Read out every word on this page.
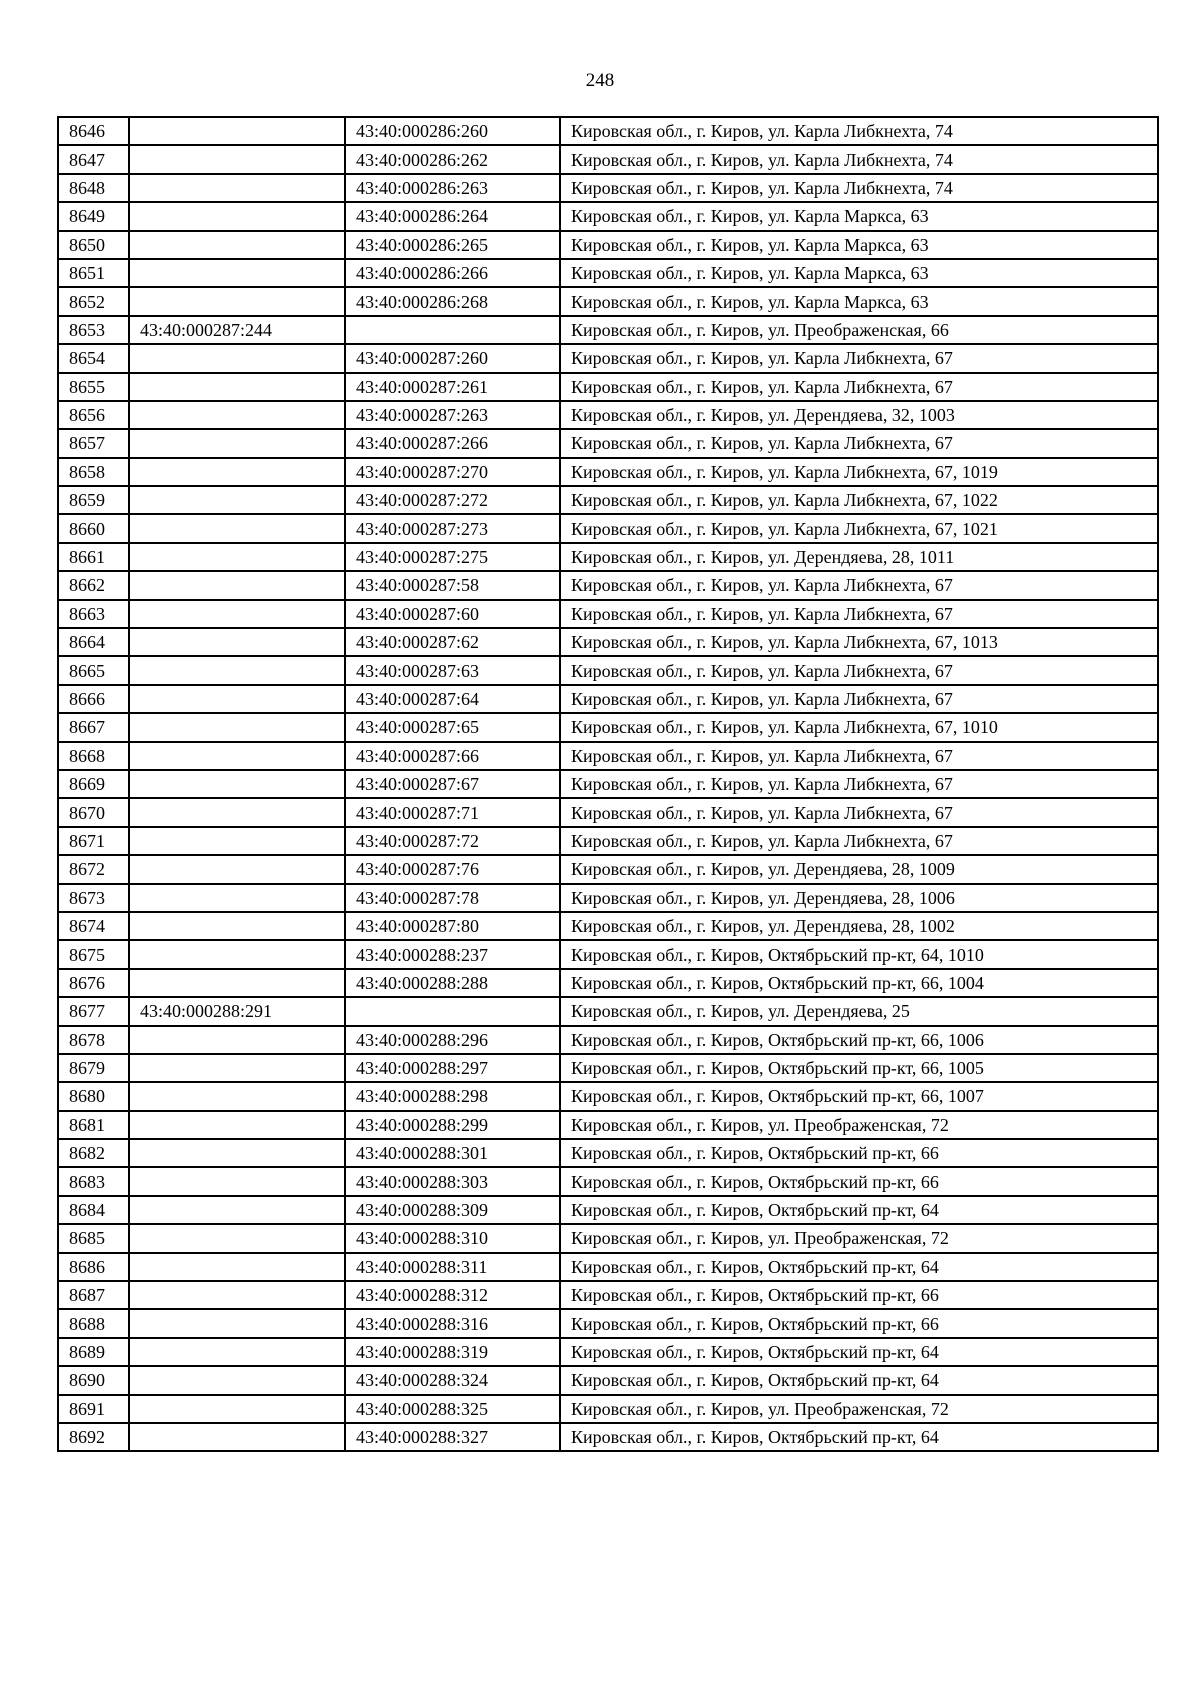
248
8646		43:40:000286:260	Кировская обл., г. Киров, ул. Карла Либкнехта, 74
8647		43:40:000286:262	Кировская обл., г. Киров, ул. Карла Либкнехта, 74
8648		43:40:000286:263	Кировская обл., г. Киров, ул. Карла Либкнехта, 74
8649		43:40:000286:264	Кировская обл., г. Киров, ул. Карла Маркса, 63
8650		43:40:000286:265	Кировская обл., г. Киров, ул. Карла Маркса, 63
8651		43:40:000286:266	Кировская обл., г. Киров, ул. Карла Маркса, 63
8652		43:40:000286:268	Кировская обл., г. Киров, ул. Карла Маркса, 63
8653	43:40:000287:244		Кировская обл., г. Киров, ул. Преображенская, 66
8654		43:40:000287:260	Кировская обл., г. Киров, ул. Карла Либкнехта, 67
8655		43:40:000287:261	Кировская обл., г. Киров, ул. Карла Либкнехта, 67
8656		43:40:000287:263	Кировская обл., г. Киров, ул. Дерендяева, 32, 1003
8657		43:40:000287:266	Кировская обл., г. Киров, ул. Карла Либкнехта, 67
8658		43:40:000287:270	Кировская обл., г. Киров, ул. Карла Либкнехта, 67, 1019
8659		43:40:000287:272	Кировская обл., г. Киров, ул. Карла Либкнехта, 67, 1022
8660		43:40:000287:273	Кировская обл., г. Киров, ул. Карла Либкнехта, 67, 1021
8661		43:40:000287:275	Кировская обл., г. Киров, ул. Дерендяева, 28, 1011
8662		43:40:000287:58	Кировская обл., г. Киров, ул. Карла Либкнехта, 67
8663		43:40:000287:60	Кировская обл., г. Киров, ул. Карла Либкнехта, 67
8664		43:40:000287:62	Кировская обл., г. Киров, ул. Карла Либкнехта, 67, 1013
8665		43:40:000287:63	Кировская обл., г. Киров, ул. Карла Либкнехта, 67
8666		43:40:000287:64	Кировская обл., г. Киров, ул. Карла Либкнехта, 67
8667		43:40:000287:65	Кировская обл., г. Киров, ул. Карла Либкнехта, 67, 1010
8668		43:40:000287:66	Кировская обл., г. Киров, ул. Карла Либкнехта, 67
8669		43:40:000287:67	Кировская обл., г. Киров, ул. Карла Либкнехта, 67
8670		43:40:000287:71	Кировская обл., г. Киров, ул. Карла Либкнехта, 67
8671		43:40:000287:72	Кировская обл., г. Киров, ул. Карла Либкнехта, 67
8672		43:40:000287:76	Кировская обл., г. Киров, ул. Дерендяева, 28, 1009
8673		43:40:000287:78	Кировская обл., г. Киров, ул. Дерендяева, 28, 1006
8674		43:40:000287:80	Кировская обл., г. Киров, ул. Дерендяева, 28, 1002
8675		43:40:000288:237	Кировская обл., г. Киров, Октябрьский пр-кт, 64, 1010
8676		43:40:000288:288	Кировская обл., г. Киров, Октябрьский пр-кт, 66, 1004
8677	43:40:000288:291		Кировская обл., г. Киров, ул. Дерендяева, 25
8678		43:40:000288:296	Кировская обл., г. Киров, Октябрьский пр-кт, 66, 1006
8679		43:40:000288:297	Кировская обл., г. Киров, Октябрьский пр-кт, 66, 1005
8680		43:40:000288:298	Кировская обл., г. Киров, Октябрьский пр-кт, 66, 1007
8681		43:40:000288:299	Кировская обл., г. Киров, ул. Преображенская, 72
8682		43:40:000288:301	Кировская обл., г. Киров, Октябрьский пр-кт, 66
8683		43:40:000288:303	Кировская обл., г. Киров, Октябрьский пр-кт, 66
8684		43:40:000288:309	Кировская обл., г. Киров, Октябрьский пр-кт, 64
8685		43:40:000288:310	Кировская обл., г. Киров, ул. Преображенская, 72
8686		43:40:000288:311	Кировская обл., г. Киров, Октябрьский пр-кт, 64
8687		43:40:000288:312	Кировская обл., г. Киров, Октябрьский пр-кт, 66
8688		43:40:000288:316	Кировская обл., г. Киров, Октябрьский пр-кт, 66
8689		43:40:000288:319	Кировская обл., г. Киров, Октябрьский пр-кт, 64
8690		43:40:000288:324	Кировская обл., г. Киров, Октябрьский пр-кт, 64
8691		43:40:000288:325	Кировская обл., г. Киров, ул. Преображенская, 72
8692		43:40:000288:327	Кировская обл., г. Киров, Октябрьский пр-кт, 64
